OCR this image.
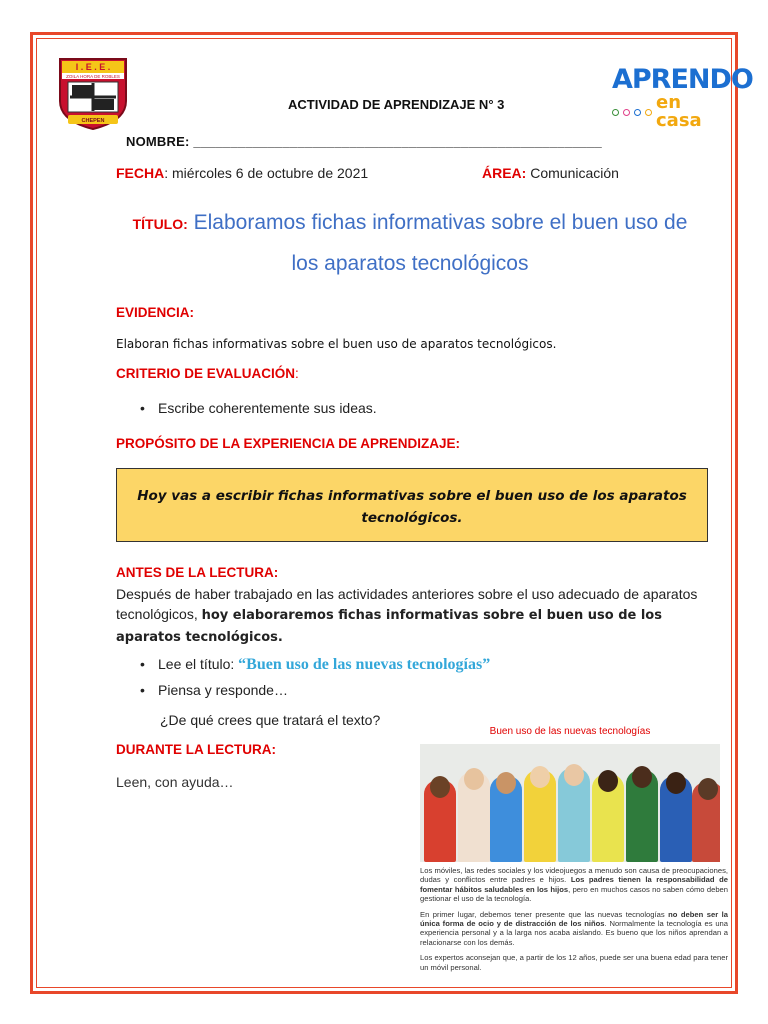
I . E . E .
ZOILA HORA DE ROBLES
CHEPEN
APRENDO
en casa
ACTIVIDAD DE APRENDIZAJE N° 3
NOMBRE: _______________________________________________________
FECHA: miércoles 6 de octubre de 2021	ÁREA: Comunicación
TÍTULO: Elaboramos fichas informativas sobre el buen uso de
los aparatos tecnológicos
EVIDENCIA:
Elaboran fichas informativas sobre el buen uso de aparatos tecnológicos.
CRITERIO DE EVALUACIÓN:
• Escribe coherentemente sus ideas.
PROPÓSITO DE LA EXPERIENCIA DE APRENDIZAJE:
Hoy vas a escribir fichas informativas sobre el buen uso de los aparatos
tecnológicos.
ANTES DE LA LECTURA:
Después de haber trabajado en las actividades anteriores sobre el uso adecuado de aparatos tecnológicos, hoy elaboraremos fichas informativas sobre el buen uso de los aparatos tecnológicos.
• Lee el título: “Buen uso de las nuevas tecnologías”
• Piensa y responde…
¿De qué crees que tratará el texto?
DURANTE LA LECTURA:
Leen, con ayuda…
Buen uso de las nuevas tecnologías

Los móviles, las redes sociales y los videojuegos a menudo son causa de preocupaciones, dudas y conflictos entre padres e hijos. Los padres tienen la responsabilidad de fomentar hábitos saludables en los hijos, pero en muchos casos no saben cómo deben gestionar el uso de la tecnología.

En primer lugar, debemos tener presente que las nuevas tecnologías no deben ser la única forma de ocio y de distracción de los niños. Normalmente la tecnología es una experiencia personal y a la larga nos acaba aislando. Es bueno que los niños aprendan a relacionarse con los demás.

Los expertos aconsejan que, a partir de los 12 años, puede ser una buena edad para tener un móvil personal.
